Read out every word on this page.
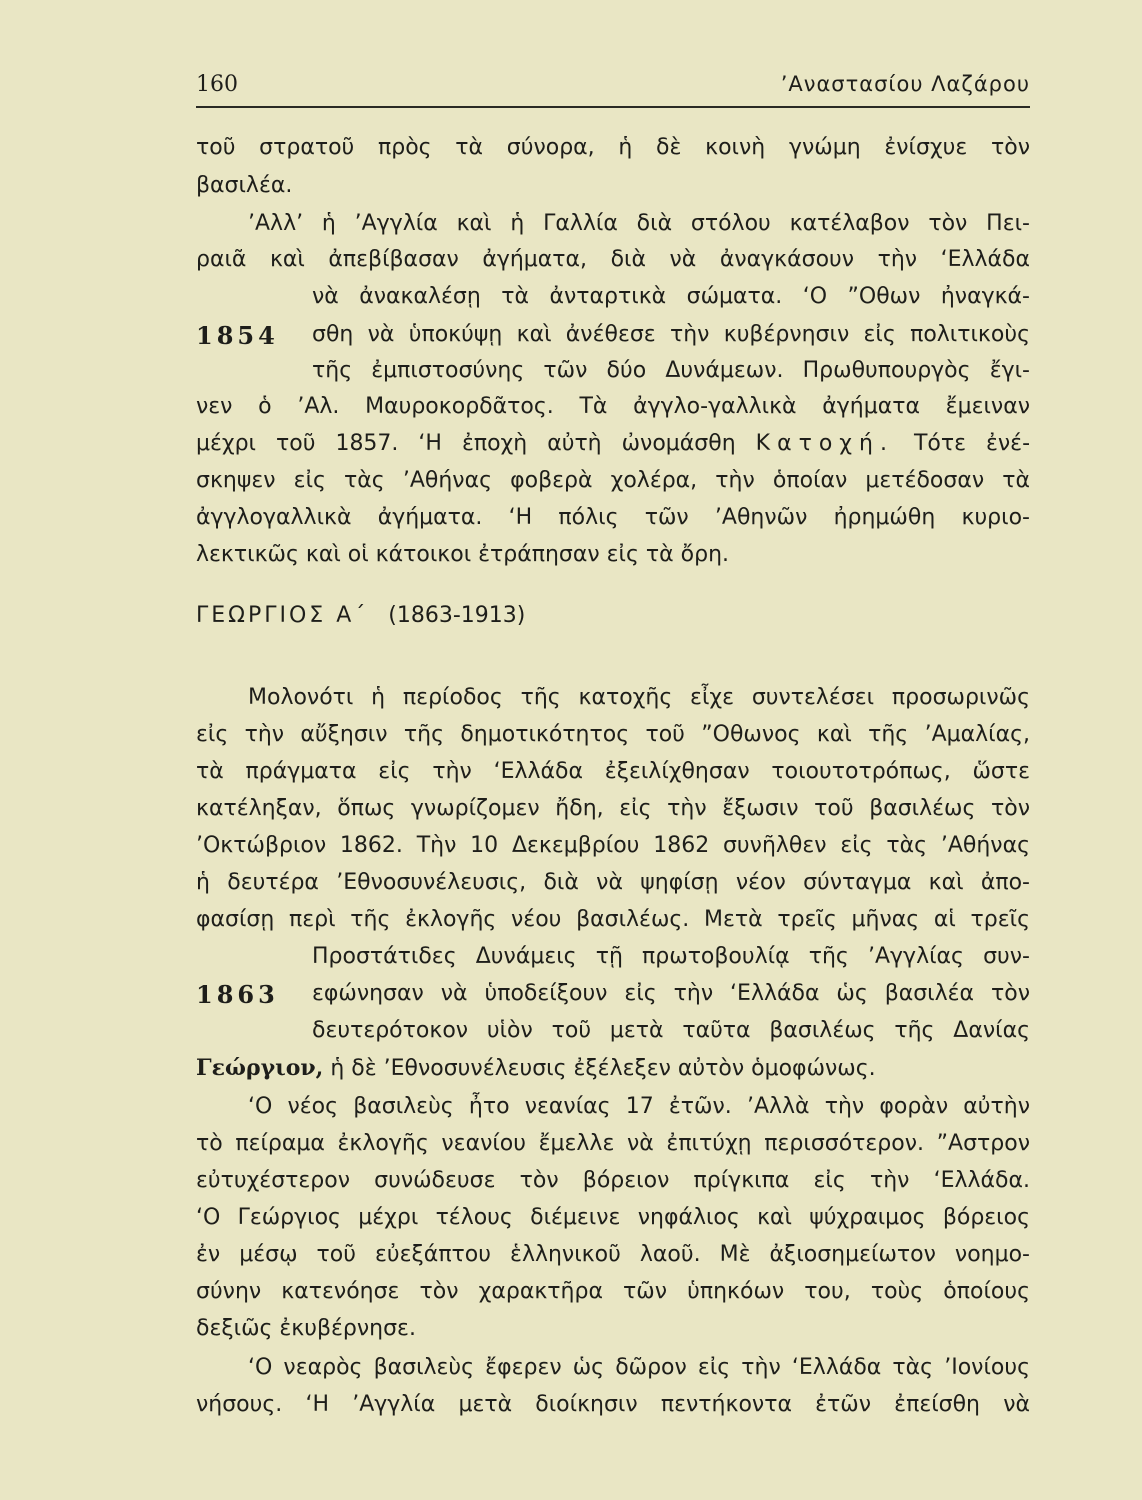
160	’Αναστασίου Λαζάρου
τοῦ στρατοῦ πρὸς τὰ σύνορα, ἡ δὲ κοινὴ γνώμη ἐνίσχυε τὸν
βασιλέα.
’Αλλ’ ἡ ’Αγγλία καὶ ἡ Γαλλία διὰ στόλου κατέλαβον τὸν Πει-
ραιᾶ καὶ ἀπεβίβασαν ἀγήματα, διὰ νὰ ἀναγκάσουν τὴν ‘Ελλάδα
νὰ ἀνακαλέσῃ τὰ ἀνταρτικὰ σώματα. ‘Ο ”Οθων ἠναγκά-
1854 σθη νὰ ὑποκύψῃ καὶ ἀνέθεσε τὴν κυβέρνησιν εἰς πολιτικοὺς
τῆς ἐμπιστοσύνης τῶν δύο Δυνάμεων. Πρωθυπουργὸς ἔγι-
νεν ὁ ’Αλ. Μαυροκορδᾶτος. Τὰ ἀγγλο-γαλλικὰ ἀγήματα ἔμειναν
μέχρι τοῦ 1857. ‘Η ἐποχὴ αὐτὴ ὠνομάσθη Κατοχή. Τότε ἐνέ-
σκηψεν εἰς τὰς ’Αθήνας φοβερὰ χολέρα, τὴν ὁποίαν μετέδοσαν τὰ
ἀγγλογαλλικὰ ἀγήματα. ‘Η πόλις τῶν ’Αθηνῶν ἠρημώθη κυριο-
λεκτικῶς καὶ οἱ κάτοικοι ἐτράπησαν εἰς τὰ ὄρη.
ΓΕΩΡΓΙΟΣ Α΄ (1863-1913)
Μολονότι ἡ περίοδος τῆς κατοχῆς εἶχε συντελέσει προσωρινῶς
εἰς τὴν αὔξησιν τῆς δημοτικότητος τοῦ ”Οθωνος καὶ τῆς ’Αμαλίας,
τὰ πράγματα εἰς τὴν ‘Ελλάδα ἐξειλίχθησαν τοιουτοτρόπως, ὥστε
κατέληξαν, ὅπως γνωρίζομεν ἤδη, εἰς τὴν ἔξωσιν τοῦ βασιλέως τὸν
’Οκτώβριον 1862. Τὴν 10 Δεκεμβρίου 1862 συνῆλθεν εἰς τὰς ’Αθήνας
ἡ δευτέρα ’Εθνοσυνέλευσις, διὰ νὰ ψηφίσῃ νέον σύνταγμα καὶ ἀπο-
φασίσῃ περὶ τῆς ἐκλογῆς νέου βασιλέως. Μετὰ τρεῖς μῆνας αἱ τρεῖς
Προστάτιδες Δυνάμεις τῇ πρωτοβουλίᾳ τῆς ’Αγγλίας συν-
1863 εφώνησαν νὰ ὑποδείξουν εἰς τὴν ‘Ελλάδα ὡς βασιλέα τὸν
δευτερότοκον υἱὸν τοῦ μετὰ ταῦτα βασιλέως τῆς Δανίας
Γεώργιον, ἡ δὲ ’Εθνοσυνέλευσις ἐξέλεξεν αὐτὸν ὁμοφώνως.
‘Ο νέος βασιλεὺς ἦτο νεανίας 17 ἐτῶν. ’Αλλὰ τὴν φορὰν αὐτὴν
τὸ πείραμα ἐκλογῆς νεανίου ἔμελλε νὰ ἐπιτύχῃ περισσότερον. ”Αστρον
εὐτυχέστερον συνώδευσε τὸν βόρειον πρίγκιπα εἰς τὴν ‘Ελλάδα.
‘Ο Γεώργιος μέχρι τέλους διέμεινε νηφάλιος καὶ ψύχραιμος βόρειος
ἐν μέσῳ τοῦ εὐεξάπτου ἑλληνικοῦ λαοῦ. Μὲ ἀξιοσημείωτον νοημο-
σύνην κατενόησε τὸν χαρακτῆρα τῶν ὑπηκόων του, τοὺς ὁποίους
δεξιῶς ἐκυβέρνησε.
‘Ο νεαρὸς βασιλεὺς ἔφερεν ὡς δῶρον εἰς τὴν ‘Ελλάδα τὰς ’Ιονίους
νήσους. ‘Η ’Αγγλία μετὰ διοίκησιν πεντήκοντα ἐτῶν ἐπείσθη νὰ
